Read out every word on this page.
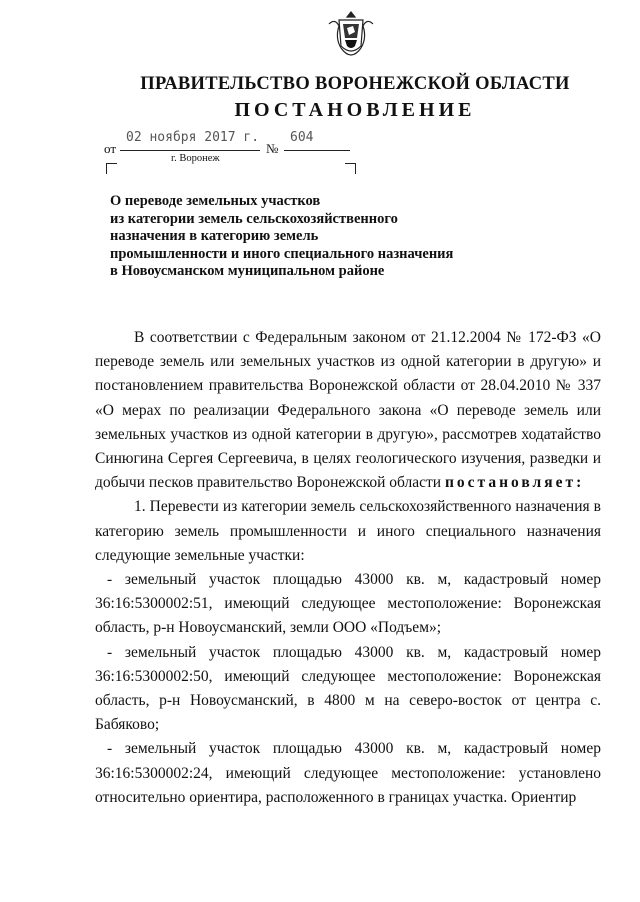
ПРАВИТЕЛЬСТВО ВОРОНЕЖСКОЙ ОБЛАСТИ
ПОСТАНОВЛЕНИЕ
от
02 ноября 2017 г.
№
604
г. Воронеж
О переводе земельных участков
из категории земель сельскохозяйственного
назначения в категорию земель
промышленности и иного специального назначения
в Новоусманском муниципальном районе

В соответствии с Федеральным законом от 21.12.2004 № 172-ФЗ «О переводе земель или земельных участков из одной категории в другую» и постановлением правительства Воронежской области от 28.04.2010 № 337 «О мерах по реализации Федерального закона «О переводе земель или земельных участков из одной категории в другую», рассмотрев ходатайство Синюгина Сергея Сергеевича, в целях геологического изучения, разведки и добычи песков правительство Воронежской области постановляет:

1. Перевести из категории земель сельскохозяйственного назначения в категорию земель промышленности и иного специального назначения следующие земельные участки:

- земельный участок площадью 43000 кв. м, кадастровый номер 36:16:5300002:51, имеющий следующее местоположение: Воронежская область, р-н Новоусманский, земли ООО «Подъем»;

- земельный участок площадью 43000 кв. м, кадастровый номер 36:16:5300002:50, имеющий следующее местоположение: Воронежская область, р-н Новоусманский, в 4800 м на северо-восток от центра с. Бабяково;

- земельный участок площадью 43000 кв. м, кадастровый номер 36:16:5300002:24, имеющий следующее местоположение: установлено относительно ориентира, расположенного в границах участка. Ориентир
